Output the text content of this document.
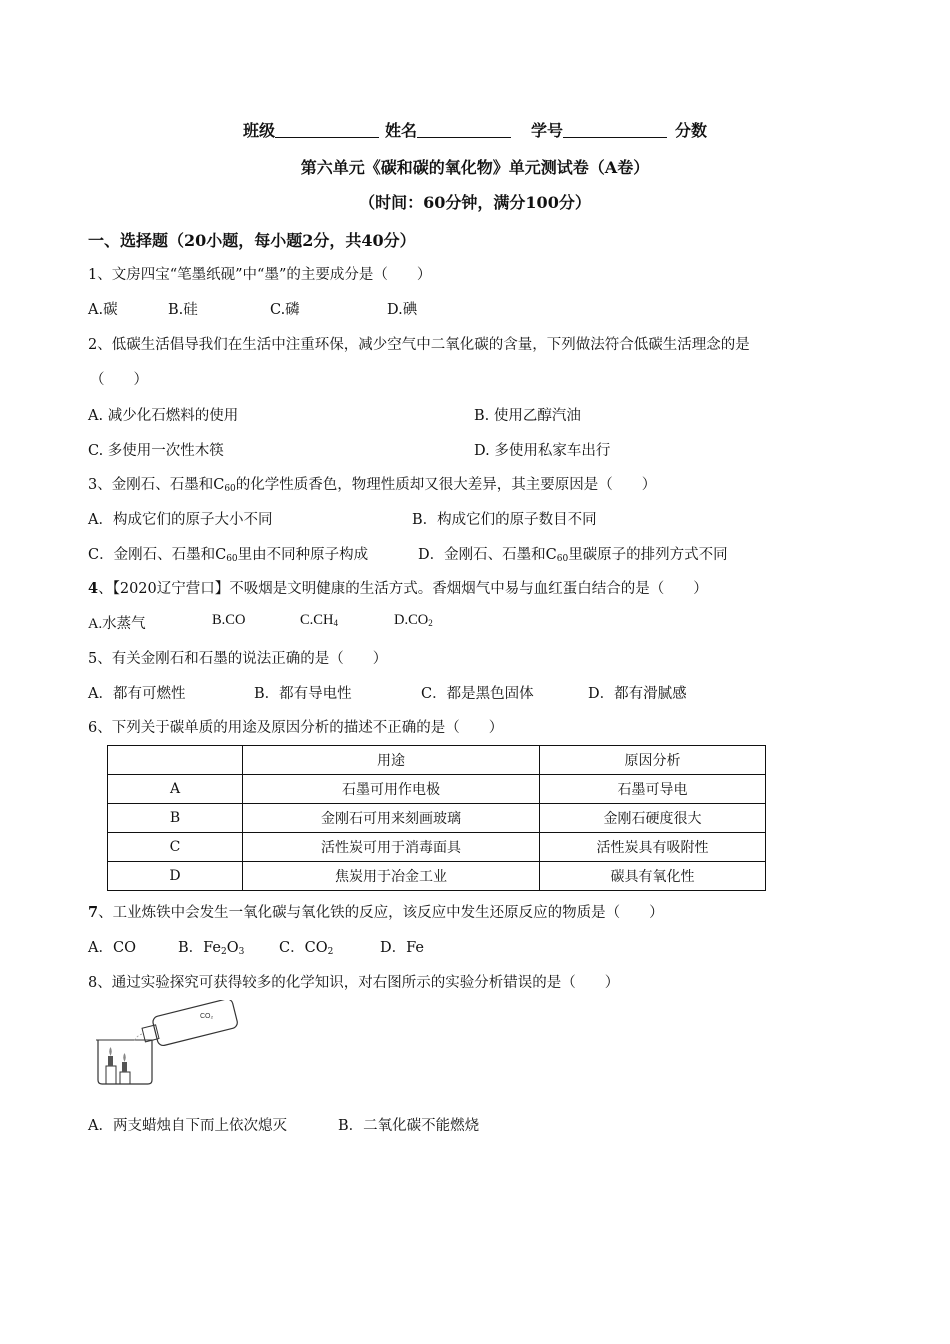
班级	姓名	学号	分数
第六单元《碳和碳的氧化物》单元测试卷（A卷）
（时间：60分钟，满分100分）
一、选择题（20小题，每小题2分，共40分）
1、文房四宝“笔墨纸砚”中“墨”的主要成分是（　　）
A.碳	B.硅	C.磷	D.碘
2、低碳生活倡导我们在生活中注重环保，减少空气中二氧化碳的含量，下列做法符合低碳生活理念的是
（　　）
A. 减少化石燃料的使用	B. 使用乙醇汽油
C. 多使用一次性木筷	D. 多使用私家车出行
3、金刚石、石墨和$C_{60}$的化学性质香色，物理性质却又很大差异，其主要原因是（　　）
A．构成它们的原子大小不同	B．构成它们的原子数目不同
C．金刚石、石墨和$C_{60}$里由不同种原子构成	D．金刚石、石墨和$C_{60}$里碳原子的排列方式不同
4、【2020辽宁营口】不吸烟是文明健康的生活方式。香烟烟气中易与血红蛋白结合的是（　　）
A.水蒸气	B.CO	$C.CH_4$	$D.CO_2$
5、有关金刚石和石墨的说法正确的是（　　）
A．都有可燃性	B．都有导电性	C．都是黑色固体	D．都有滑腻感
6、下列关于碳单质的用途及原因分析的描述不正确的是（　　）
	用途	原因分析
A	石墨可用作电极	石墨可导电
B	金刚石可用来刻画玻璃	金刚石硬度很大
C	活性炭可用于消毒面具	活性炭具有吸附性
D	焦炭用于冶金工业	碳具有氧化性
7、工业炼铁中会发生一氧化碳与氧化铁的反应，该反应中发生还原反应的物质是（　　）
A．CO	B．$Fe_2O_3$ C．$CO_2$	D．Fe
8、通过实验探究可获得较多的化学知识，对右图所示的实验分析错误的是（　　）
CO₂
A．两支蜡烛自下而上依次熄灭	B．二氧化碳不能燃烧
